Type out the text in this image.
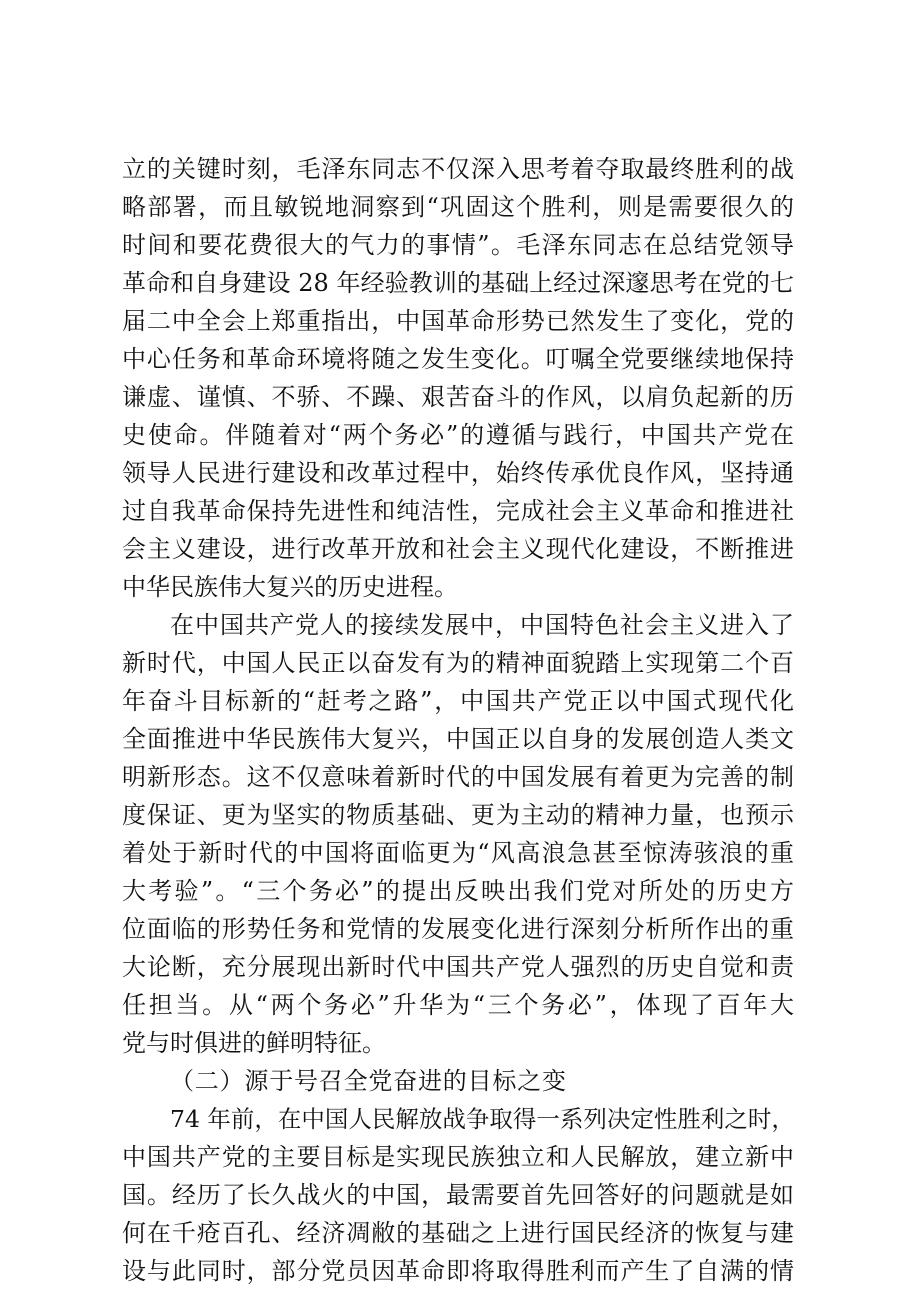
立的关键时刻，毛泽东同志不仅深入思考着夺取最终胜利的战
略部署，而且敏锐地洞察到“巩固这个胜利，则是需要很久的
时间和要花费很大的气力的事情”。毛泽东同志在总结党领导
革命和自身建设 28 年经验教训的基础上经过深邃思考在党的七
届二中全会上郑重指出，中国革命形势已然发生了变化，党的
中心任务和革命环境将随之发生变化。叮嘱全党要继续地保持
谦虚、谨慎、不骄、不躁、艰苦奋斗的作风，以肩负起新的历
史使命。伴随着对“两个务必”的遵循与践行，中国共产党在
领导人民进行建设和改革过程中，始终传承优良作风，坚持通
过自我革命保持先进性和纯洁性，完成社会主义革命和推进社
会主义建设，进行改革开放和社会主义现代化建设，不断推进
中华民族伟大复兴的历史进程。
在中国共产党人的接续发展中，中国特色社会主义进入了
新时代，中国人民正以奋发有为的精神面貌踏上实现第二个百
年奋斗目标新的“赶考之路”，中国共产党正以中国式现代化
全面推进中华民族伟大复兴，中国正以自身的发展创造人类文
明新形态。这不仅意味着新时代的中国发展有着更为完善的制
度保证、更为坚实的物质基础、更为主动的精神力量，也预示
着处于新时代的中国将面临更为“风高浪急甚至惊涛骇浪的重
大考验”。“三个务必”的提出反映出我们党对所处的历史方
位面临的形势任务和党情的发展变化进行深刻分析所作出的重
大论断，充分展现出新时代中国共产党人强烈的历史自觉和责
任担当。从“两个务必”升华为“三个务必”，体现了百年大
党与时俱进的鲜明特征。
（二）源于号召全党奋进的目标之变
74 年前，在中国人民解放战争取得一系列决定性胜利之时，
中国共产党的主要目标是实现民族独立和人民解放，建立新中
国。经历了长久战火的中国，最需要首先回答好的问题就是如
何在千疮百孔、经济凋敝的基础之上进行国民经济的恢复与建
设与此同时，部分党员因革命即将取得胜利而产生了自满的情
